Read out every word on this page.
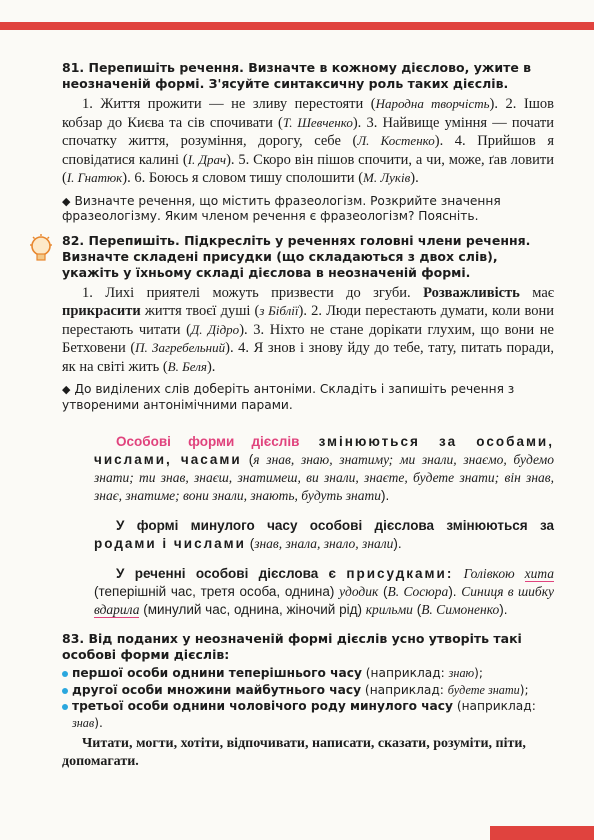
81. Перепишіть речення. Визначте в кожному дієслово, ужите в неозначеній формі. З'ясуйте синтаксичну роль таких дієслів.
1. Життя прожити — не зливу перестояти (Народна творчість). 2. Ішов кобзар до Києва та сів спочивати (Т. Шевченко). 3. Найвище уміння — почати спочатку життя, розуміння, дорогу, себе (Л. Костенко). 4. Прийшов я сповідатися калині (І. Драч). 5. Скоро він пішов спочити, а чи, може, ґав ловити (І. Гнатюк). 6. Боюсь я словом тишу сполошити (М. Луків).
◆ Визначте речення, що містить фразеологізм. Розкрийте значення фразеологізму. Яким членом речення є фразеологізм? Поясніть.
82. Перепишіть. Підкресліть у реченнях головні члени речення. Визначте складені присудки (що складаються з двох слів), укажіть у їхньому складі дієслова в неозначеній формі.
1. Лихі приятелі можуть призвести до згуби. Розважливість має прикрасити життя твоєї душі (з Біблії). 2. Люди перестають думати, коли вони перестають читати (Д. Дідро). 3. Ніхто не стане дорікати глухим, що вони не Бетховени (П. Загребельний). 4. Я знов і знову йду до тебе, тату, питать поради, як на світі жить (В. Беля).
◆ До виділених слів доберіть антоніми. Складіть і запишіть речення з утвореними антонімічними парами.

Особові форми дієслів змінюються за особами, числами, часами (я знав, знаю, знатиму; ми знали, знаємо, будемо знати; ти знав, знаєш, знатимеш, ви знали, знаєте, будете знати; він знав, знає, знатиме; вони знали, знають, будуть знати).

У формі минулого часу особові дієслова змінюються за родами і числами (знав, знала, знало, знали).

У реченні особові дієслова є присудками: Голівкою хита (теперішній час, третя особа, однина) удодик (В. Сосюра). Синиця в шибку вдарила (минулий час, однина, жіночий рід) крильми (В. Симоненко).

83. Від поданих у неозначеній формі дієслів усно утворіть такі особові форми дієслів:
першої особи однини теперішнього часу (наприклад: знаю);
другої особи множини майбутнього часу (наприклад: будете знати);
третьої особи однини чоловічого роду минулого часу (наприклад: знав).
Читати, могти, хотіти, відпочивати, написати, сказати, розуміти, піти, допомагати.
